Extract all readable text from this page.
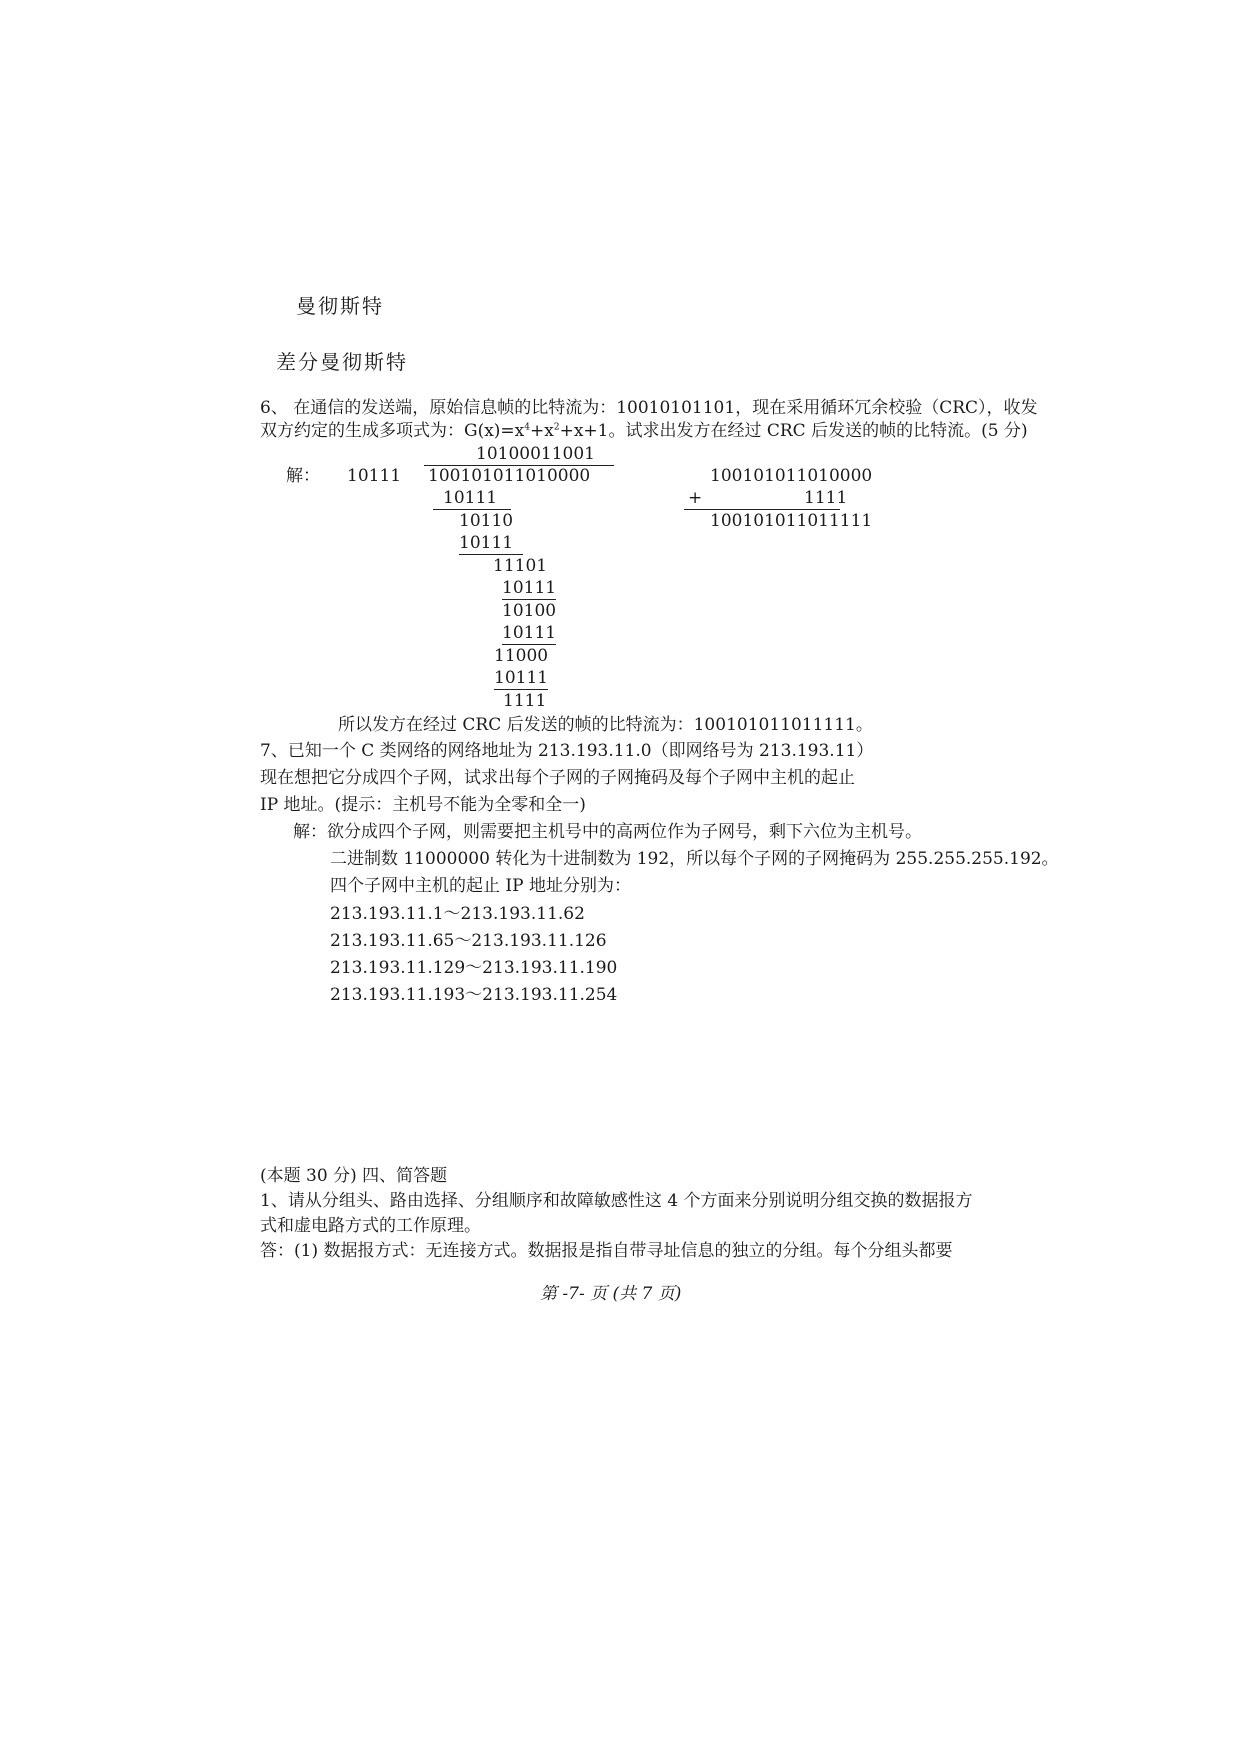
曼彻斯特
差分曼彻斯特
6、 在通信的发送端，原始信息帧的比特流为：10010101101，现在采用循环冗余校验（CRC），收发
双方约定的生成多项式为：$G(x)=x^4+x^2+x+1$。试求出发方在经过 CRC 后发送的帧的比特流。(5 分)
10100011001
解： 10111 100101011010000
10111
10110
10111
11101
10111
10100
10111
11000
10111
1111
100101011010000
+	1111
100101011011111
所以发方在经过 CRC 后发送的帧的比特流为：100101011011111。
7、已知一个 C 类网络的网络地址为 213.193.11.0（即网络号为 213.193.11）
现在想把它分成四个子网，试求出每个子网的子网掩码及每个子网中主机的起止
IP 地址。(提示：主机号不能为全零和全一)
解：欲分成四个子网，则需要把主机号中的高两位作为子网号，剩下六位为主机号。
二进制数 11000000 转化为十进制数为 192，所以每个子网的子网掩码为 255.255.255.192。
四个子网中主机的起止 IP 地址分别为：
213.193.11.1～213.193.11.62
213.193.11.65～213.193.11.126
213.193.11.129～213.193.11.190
213.193.11.193～213.193.11.254
(本题 30 分) 四、简答题
1、请从分组头、路由选择、分组顺序和故障敏感性这 4 个方面来分别说明分组交换的数据报方
式和虚电路方式的工作原理。
答：(1) 数据报方式：无连接方式。数据报是指自带寻址信息的独立的分组。每个分组头都要
第 -7- 页 (共 7 页)
